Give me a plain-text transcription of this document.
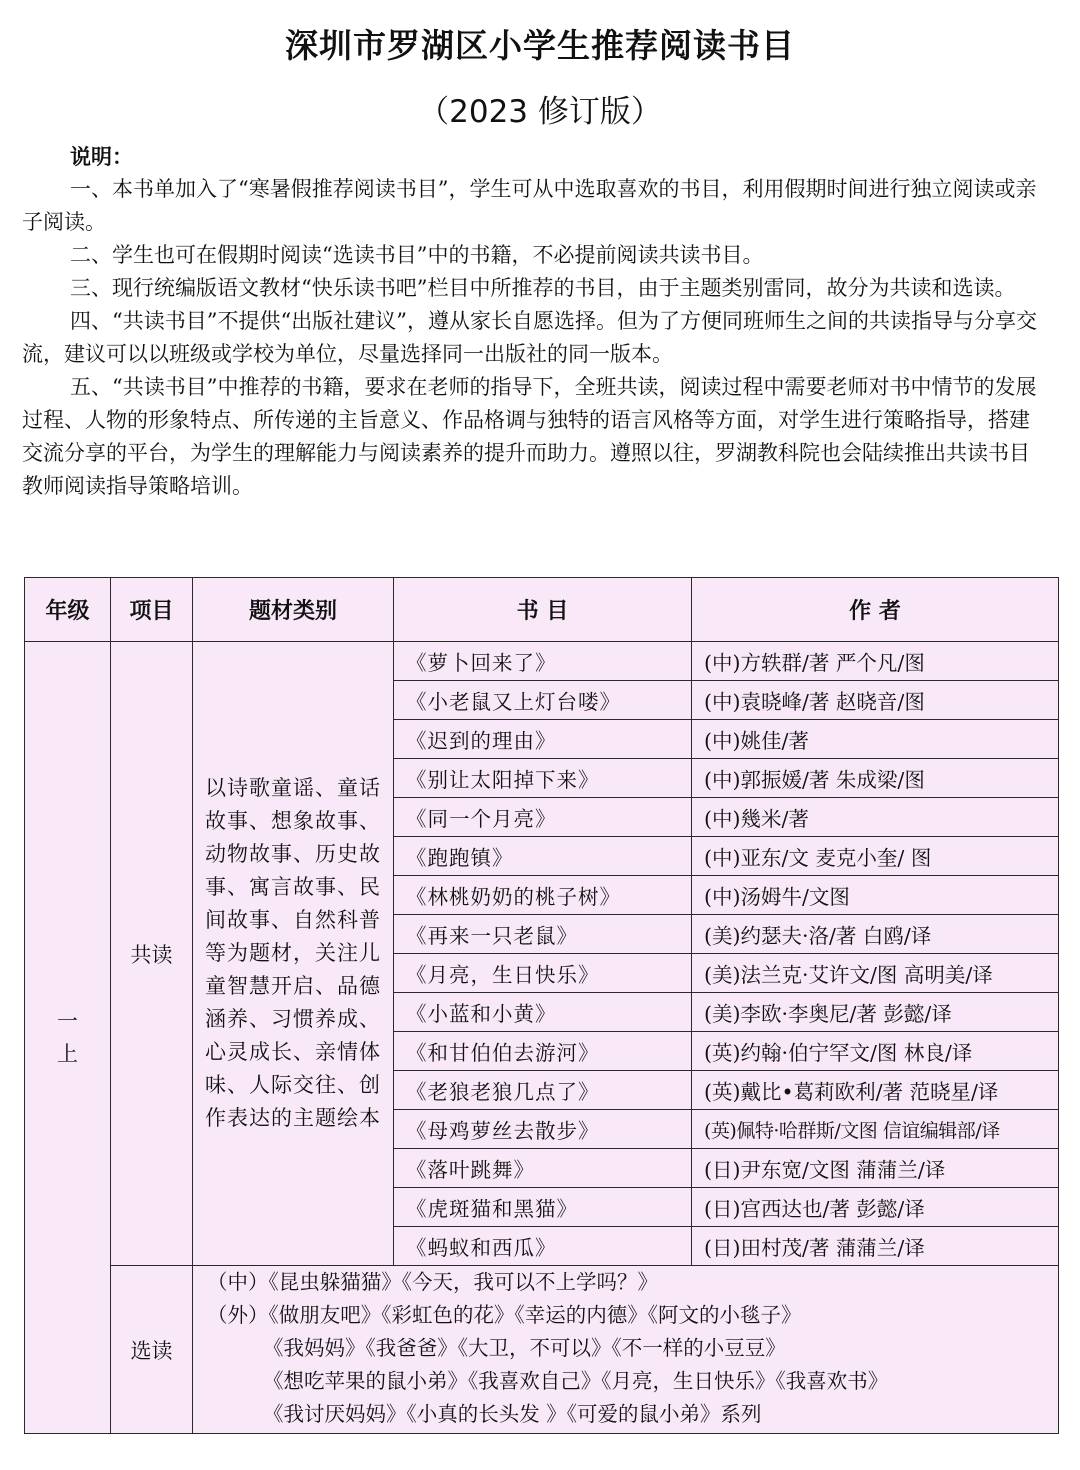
深圳市罗湖区小学生推荐阅读书目
（2023 修订版）
说明：

一、本书单加入了“寒暑假推荐阅读书目”，学生可从中选取喜欢的书目，利用假期时间进行独立阅读或亲子阅读。

二、学生也可在假期时阅读“选读书目”中的书籍，不必提前阅读共读书目。

三、现行统编版语文教材“快乐读书吧”栏目中所推荐的书目，由于主题类别雷同，故分为共读和选读。

四、“共读书目”不提供“出版社建议”，遵从家长自愿选择。但为了方便同班师生之间的共读指导与分享交流，建议可以以班级或学校为单位，尽量选择同一出版社的同一版本。

五、“共读书目”中推荐的书籍，要求在老师的指导下，全班共读，阅读过程中需要老师对书中情节的发展过程、人物的形象特点、所传递的主旨意义、作品格调与独特的语言风格等方面，对学生进行策略指导，搭建交流分享的平台，为学生的理解能力与阅读素养的提升而助力。遵照以往，罗湖教科院也会陆续推出共读书目教师阅读指导策略培训。

年级	项目	题材类别	书 目	作 者

一上	共读	以诗歌童谣、童话故事、想象故事、动物故事、历史故事、寓言故事、民间故事、自然科普等为题材，关注儿童智慧开启、品德涵养、习惯养成、心灵成长、亲情体味、人际交往、创作表达的主题绘本	《萝卜回来了》	(中)方轶群/著 严个凡/图
			《小老鼠又上灯台喽》	(中)袁晓峰/著 赵晓音/图
			《迟到的理由》	(中)姚佳/著
			《别让太阳掉下来》	(中)郭振媛/著 朱成梁/图
			《同一个月亮》	(中)幾米/著
			《跑跑镇》	(中)亚东/文 麦克小奎/ 图
			《林桃奶奶的桃子树》	(中)汤姆牛/文图
			《再来一只老鼠》	(美)约瑟夫·洛/著 白鸥/译
			《月亮，生日快乐》	(美)法兰克·艾许文/图 高明美/译
			《小蓝和小黄》	(美)李欧·李奥尼/著 彭懿/译
			《和甘伯伯去游河》	(英)约翰·伯宁罕文/图 林良/译
			《老狼老狼几点了》	(英)戴比•葛莉欧利/著 范晓星/译
			《母鸡萝丝去散步》	(英)佩特·哈群斯/文图 信谊编辑部/译
			《落叶跳舞》	(日)尹东宽/文图 蒲蒲兰/译
			《虎斑猫和黑猫》	(日)宫西达也/著 彭懿/译
			《蚂蚁和西瓜》	(日)田村茂/著 蒲蒲兰/译
	选读	（中）《昆虫躲猫猫》《今天，我可以不上学吗？》
（外）《做朋友吧》《彩虹色的花》《幸运的内德》《阿文的小毯子》
《我妈妈》《我爸爸》《大卫，不可以》《不一样的小豆豆》
《想吃苹果的鼠小弟》《我喜欢自己》《月亮，生日快乐》《我喜欢书》
《我讨厌妈妈》《小真的长头发 》《可爱的鼠小弟》系列		
